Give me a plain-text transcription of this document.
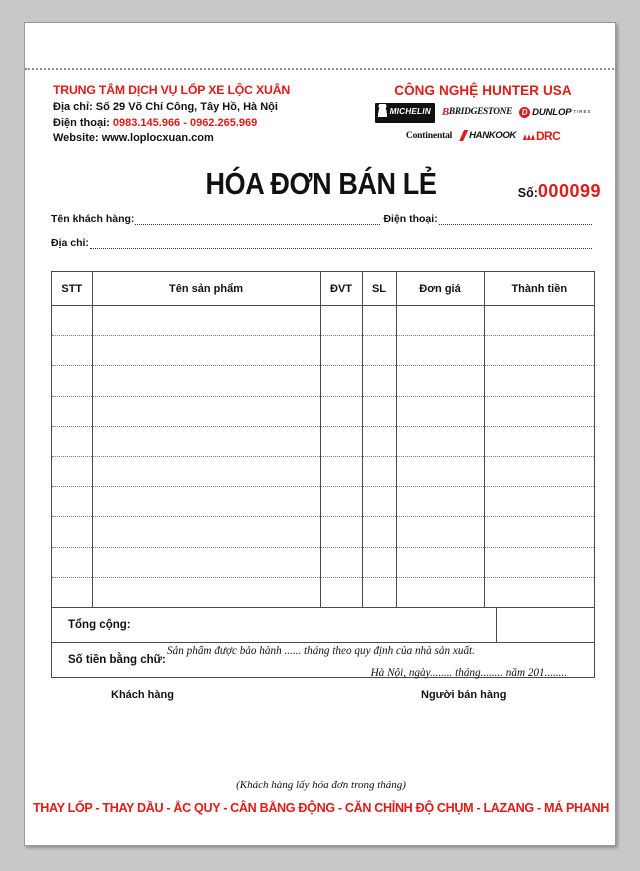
TRUNG TÂM DỊCH VỤ LỐP XE LỘC XUÂN
Địa chỉ: Số 29 Võ Chí Công, Tây Hồ, Hà Nội
Điện thoại: 0983.145.966 - 0962.265.969
Website: www.loplocxuan.com
CÔNG NGHỆ HUNTER USA
MICHELIN B BRIDGESTONE	D DUNLOP TIRES
Continental HANKOOK DRC
HÓA ĐƠN BÁN LẺ	Số:000099
Tên khách hàng:	Điện thoại:
Địa chỉ:
STT	Tên sản phẩm	ĐVT	SL	Đơn giá	Thành tiền

Tổng cộng:
Số tiền bằng chữ:
Sản phẩm được bảo hành ...... tháng theo quy định của nhà sản xuất.
Hà Nội, ngày........ tháng........ năm 201........
Khách hàng	Người bán hàng
(Khách hàng lấy hóa đơn trong tháng)
THAY LỐP - THAY DẦU - ẮC QUY - CÂN BẰNG ĐỘNG - CĂN CHỈNH ĐỘ CHỤM - LAZANG - MÁ PHANH
